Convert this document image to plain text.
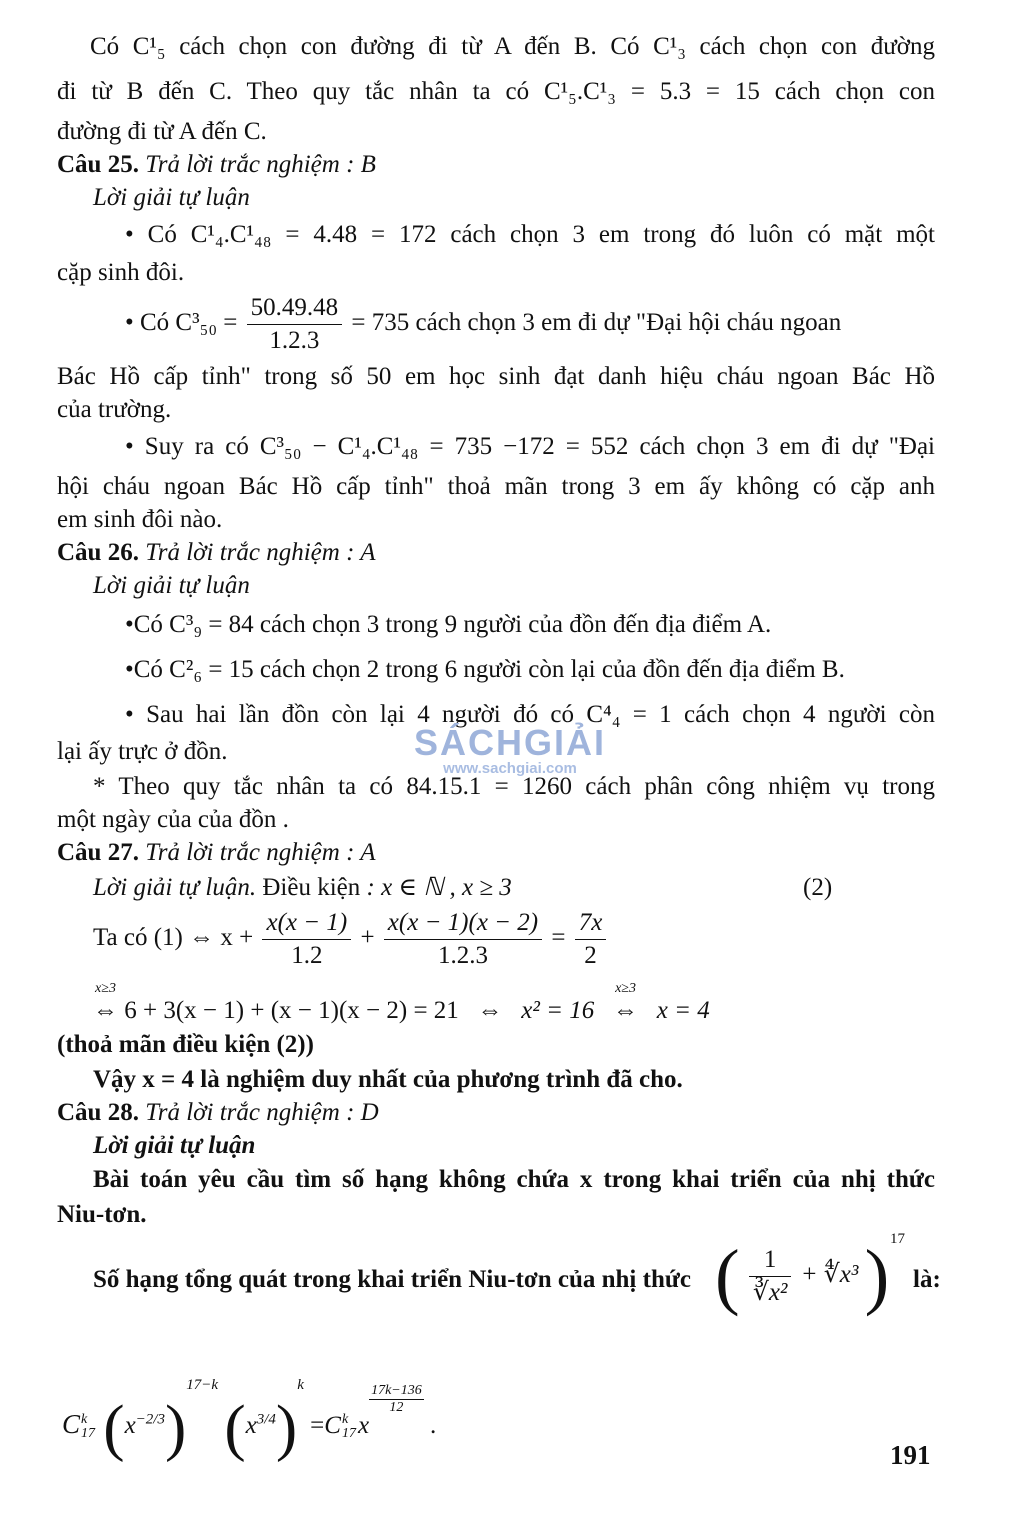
Có C¹₅ cách chọn con đường đi từ A đến B. Có C¹₃ cách chọn con đường
đi từ B đến C. Theo quy tắc nhân ta có C¹₅.C¹₃ = 5.3 = 15 cách chọn con
đường đi từ A đến C.
Câu 25. Trả lời trắc nghiệm : B
Lời giải tự luận
• Có C¹₄.C¹₄₈ = 4.48 = 172 cách chọn 3 em trong đó luôn có mặt một
cặp sinh đôi.
• Có $C^3_{50} = \frac{50.49.48}{1.2.3} = 735$ cách chọn 3 em đi dự "Đại hội cháu ngoan
Bác Hồ cấp tỉnh" trong số 50 em học sinh đạt danh hiệu cháu ngoan Bác Hồ
của trường.
• Suy ra có C³₅₀ − C¹₄.C¹₄₈ = 735 −172 = 552 cách chọn 3 em đi dự "Đại
hội cháu ngoan Bác Hồ cấp tỉnh" thoả mãn trong 3 em ấy không có cặp anh
em sinh đôi nào.
Câu 26. Trả lời trắc nghiệm : A
Lời giải tự luận
•Có C³₉ = 84 cách chọn 3 trong 9 người của đồn đến địa điểm A.
•Có C²₆ = 15 cách chọn 2 trong 6 người còn lại của đồn đến địa điểm B.
• Sau hai lần đồn còn lại 4 người đó có C⁴₄ = 1 cách chọn 4 người còn
lại ấy trực ở đồn.
* Theo quy tắc nhân ta có 84.15.1 = 1260 cách phân công nhiệm vụ trong
một ngày của của đồn .
SÁCHGIẢI
www.sachgiai.com
Câu 27. Trả lời trắc nghiệm : A
Lời giải tự luận. Điều kiện : x ∈ ℕ , x ≥ 3	(2)
Ta có (1) ⇔ $x + \frac{x(x - 1)}{1.2} + \frac{x(x - 1)(x - 2)}{1.2.3} = \frac{7x}{2}$
x≥3
⇔ 6 + 3(x − 1) + (x − 1)(x − 2) = 21 ⇔ x² = 16
x≥3
⇔ x = 4
(thoả mãn điều kiện (2))
Vậy x = 4 là nghiệm duy nhất của phương trình đã cho.
Câu 28. Trả lời trắc nghiệm : D
Lời giải tự luận
Bài toán yêu cầu tìm số hạng không chứa x trong khai triển của nhị thức
Niu-tơn.
Số hạng tổng quát trong khai triển Niu-tơn của nhị thức ( $\frac{1}{\text{∛x²}}$ + ∜x³ ) 17
là:
C k
17 $(x^{-2/3})^{17-k}$ $(x^{3/4})^k =C$ k
17 x
$\frac{17k-136}{12}$
.
191
